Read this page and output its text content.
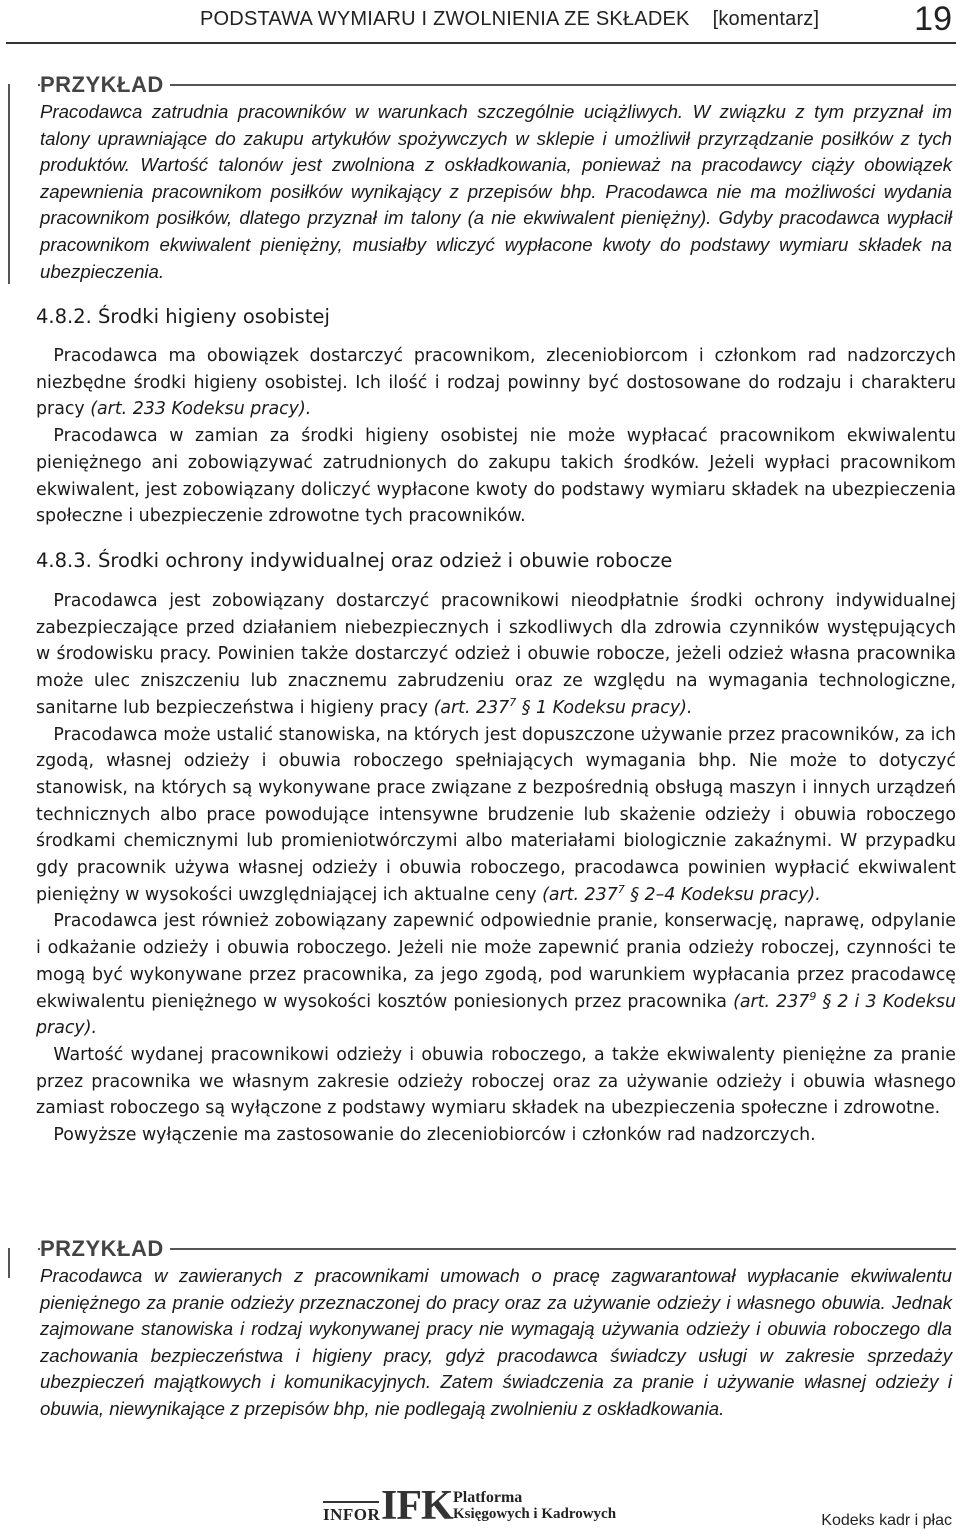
PODSTAWA WYMIARU I ZWOLNIENIA ZE SKŁADEK    [komentarz]	19
PRZYKŁAD
Pracodawca zatrudnia pracowników w warunkach szczególnie uciążliwych. W związku z tym przyznał im talony uprawniające do zakupu artykułów spożywczych w sklepie i umożliwił przyrządzanie posiłków z tych produktów. Wartość talonów jest zwolniona z oskładkowania, ponieważ na pracodawcy ciąży obowiązek zapewnienia pracownikom posiłków wynikający z przepisów bhp. Pracodawca nie ma możliwości wydania pracownikom posiłków, dlatego przyznał im talony (a nie ekwiwalent pieniężny). Gdyby pracodawca wypłacił pracownikom ekwiwalent pieniężny, musiałby wliczyć wypłacone kwoty do podstawy wymiaru składek na ubezpieczenia.
4.8.2. Środki higieny osobistej

 Pracodawca ma obowiązek dostarczyć pracownikom, zleceniobiorcom i członkom rad nadzorczych niezbędne środki higieny osobistej. Ich ilość i rodzaj powinny być dostosowane do rodzaju i charakteru pracy (art. 233 Kodeksu pracy).

 Pracodawca w zamian za środki higieny osobistej nie może wypłacać pracownikom ekwiwalentu pieniężnego ani zobowiązywać zatrudnionych do zakupu takich środków. Jeżeli wypłaci pracownikom ekwiwalent, jest zobowiązany doliczyć wypłacone kwoty do podstawy wymiaru składek na ubezpieczenia społeczne i ubezpieczenie zdrowotne tych pracowników.

4.8.3. Środki ochrony indywidualnej oraz odzież i obuwie robocze

 Pracodawca jest zobowiązany dostarczyć pracownikowi nieodpłatnie środki ochrony indywidualnej zabezpieczające przed działaniem niebezpiecznych i szkodliwych dla zdrowia czynników występujących w środowisku pracy. Powinien także dostarczyć odzież i obuwie robocze, jeżeli odzież własna pracownika może ulec zniszczeniu lub znacznemu zabrudzeniu oraz ze względu na wymagania technologiczne, sanitarne lub bezpieczeństwa i higieny pracy (art. $237^7$ § 1 Kodeksu pracy).

 Pracodawca może ustalić stanowiska, na których jest dopuszczone używanie przez pracowników, za ich zgodą, własnej odzieży i obuwia roboczego spełniających wymagania bhp. Nie może to dotyczyć stanowisk, na których są wykonywane prace związane z bezpośrednią obsługą maszyn i innych urządzeń technicznych albo prace powodujące intensywne brudzenie lub skażenie odzieży i obuwia roboczego środkami chemicznymi lub promieniotwórczymi albo materiałami biologicznie zakaźnymi. W przypadku gdy pracownik używa własnej odzieży i obuwia roboczego, pracodawca powinien wypłacić ekwiwalent pieniężny w wysokości uwzględniającej ich aktualne ceny (art. $237^7$ § 2–4 Kodeksu pracy).

 Pracodawca jest również zobowiązany zapewnić odpowiednie pranie, konserwację, naprawę, odpylanie i odkażanie odzieży i obuwia roboczego. Jeżeli nie może zapewnić prania odzieży roboczej, czynności te mogą być wykonywane przez pracownika, za jego zgodą, pod warunkiem wypłacania przez pracodawcę ekwiwalentu pieniężnego w wysokości kosztów poniesionych przez pracownika (art. $237^9$ § 2 i 3 Kodeksu pracy).

 Wartość wydanej pracownikowi odzieży i obuwia roboczego, a także ekwiwalenty pieniężne za pranie przez pracownika we własnym zakresie odzieży roboczej oraz za używanie odzieży i obuwia własnego zamiast roboczego są wyłączone z podstawy wymiaru składek na ubezpieczenia społeczne i zdrowotne.

 Powyższe wyłączenie ma zastosowanie do zleceniobiorców i członków rad nadzorczych.

PRZYKŁAD
Pracodawca w zawieranych z pracownikami umowach o pracę zagwarantował wypłacanie ekwiwalentu pieniężnego za pranie odzieży przeznaczonej do pracy oraz za używanie odzieży i własnego obuwia. Jednak zajmowane stanowiska i rodzaj wykonywanej pracy nie wymagają używania odzieży i obuwia roboczego dla zachowania bezpieczeństwa i higieny pracy, gdyż pracodawca świadczy usługi w zakresie sprzedaży ubezpieczeń majątkowych i komunikacyjnych. Zatem świadczenia za pranie i używanie własnej odzieży i obuwia, niewynikające z przepisów bhp, nie podlegają zwolnieniu z oskładkowania.
INFOR IFK Platforma
Księgowych i Kadrowych	Kodeks kadr i płac
